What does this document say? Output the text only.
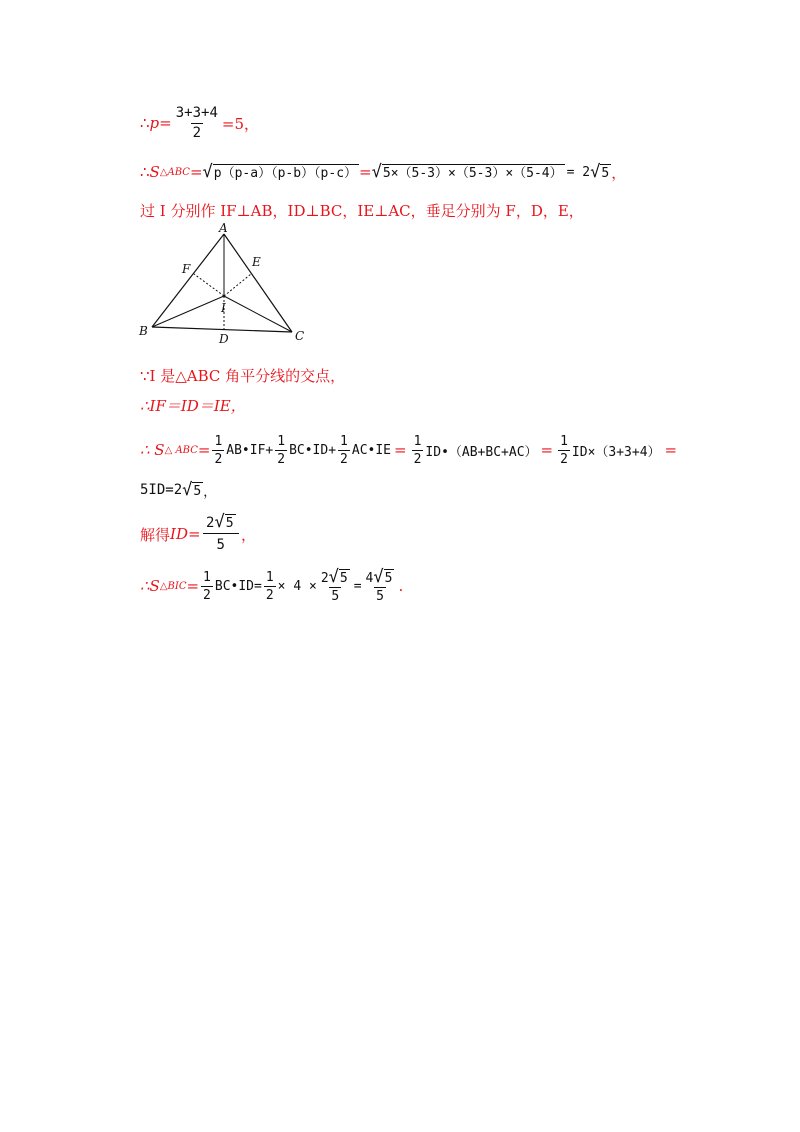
∴ $p = \frac{3+3+4}{2} =5$，
∴ S △ABC = √ p（p-a）（p-b）（p-c） = √ 5×（5-3）×（5-3）×（5-4） = 2 √ 5 ，
过 I 分别作 IF⊥AB，ID⊥BC，IE⊥AC，垂足分别为 F，D，E，
A
B	C
D
E
F
I
∵I 是△ABC 角平分线的交点，
∴IF＝ID＝IE，
∴ S △ ABC = $\frac{1}{2}$ AB•IF+ $\frac{1}{2}$ BC•ID+ $\frac{1}{2}$ AC•IE = $\frac{1}{2}$ ID•（AB+BC+AC） = $\frac{1}{2} ID\times(3+3+4)$ =
5ID=2 √ 5 ，
解得 ID = $\frac{2 √ 5}{5}$ ，
∴S △BIC = $\frac{1}{2}$ BC•ID= $\frac{1}{2} \times 4 \times \frac{2 √ 5}{5} = \frac{4 √ 5}{5}$ .
